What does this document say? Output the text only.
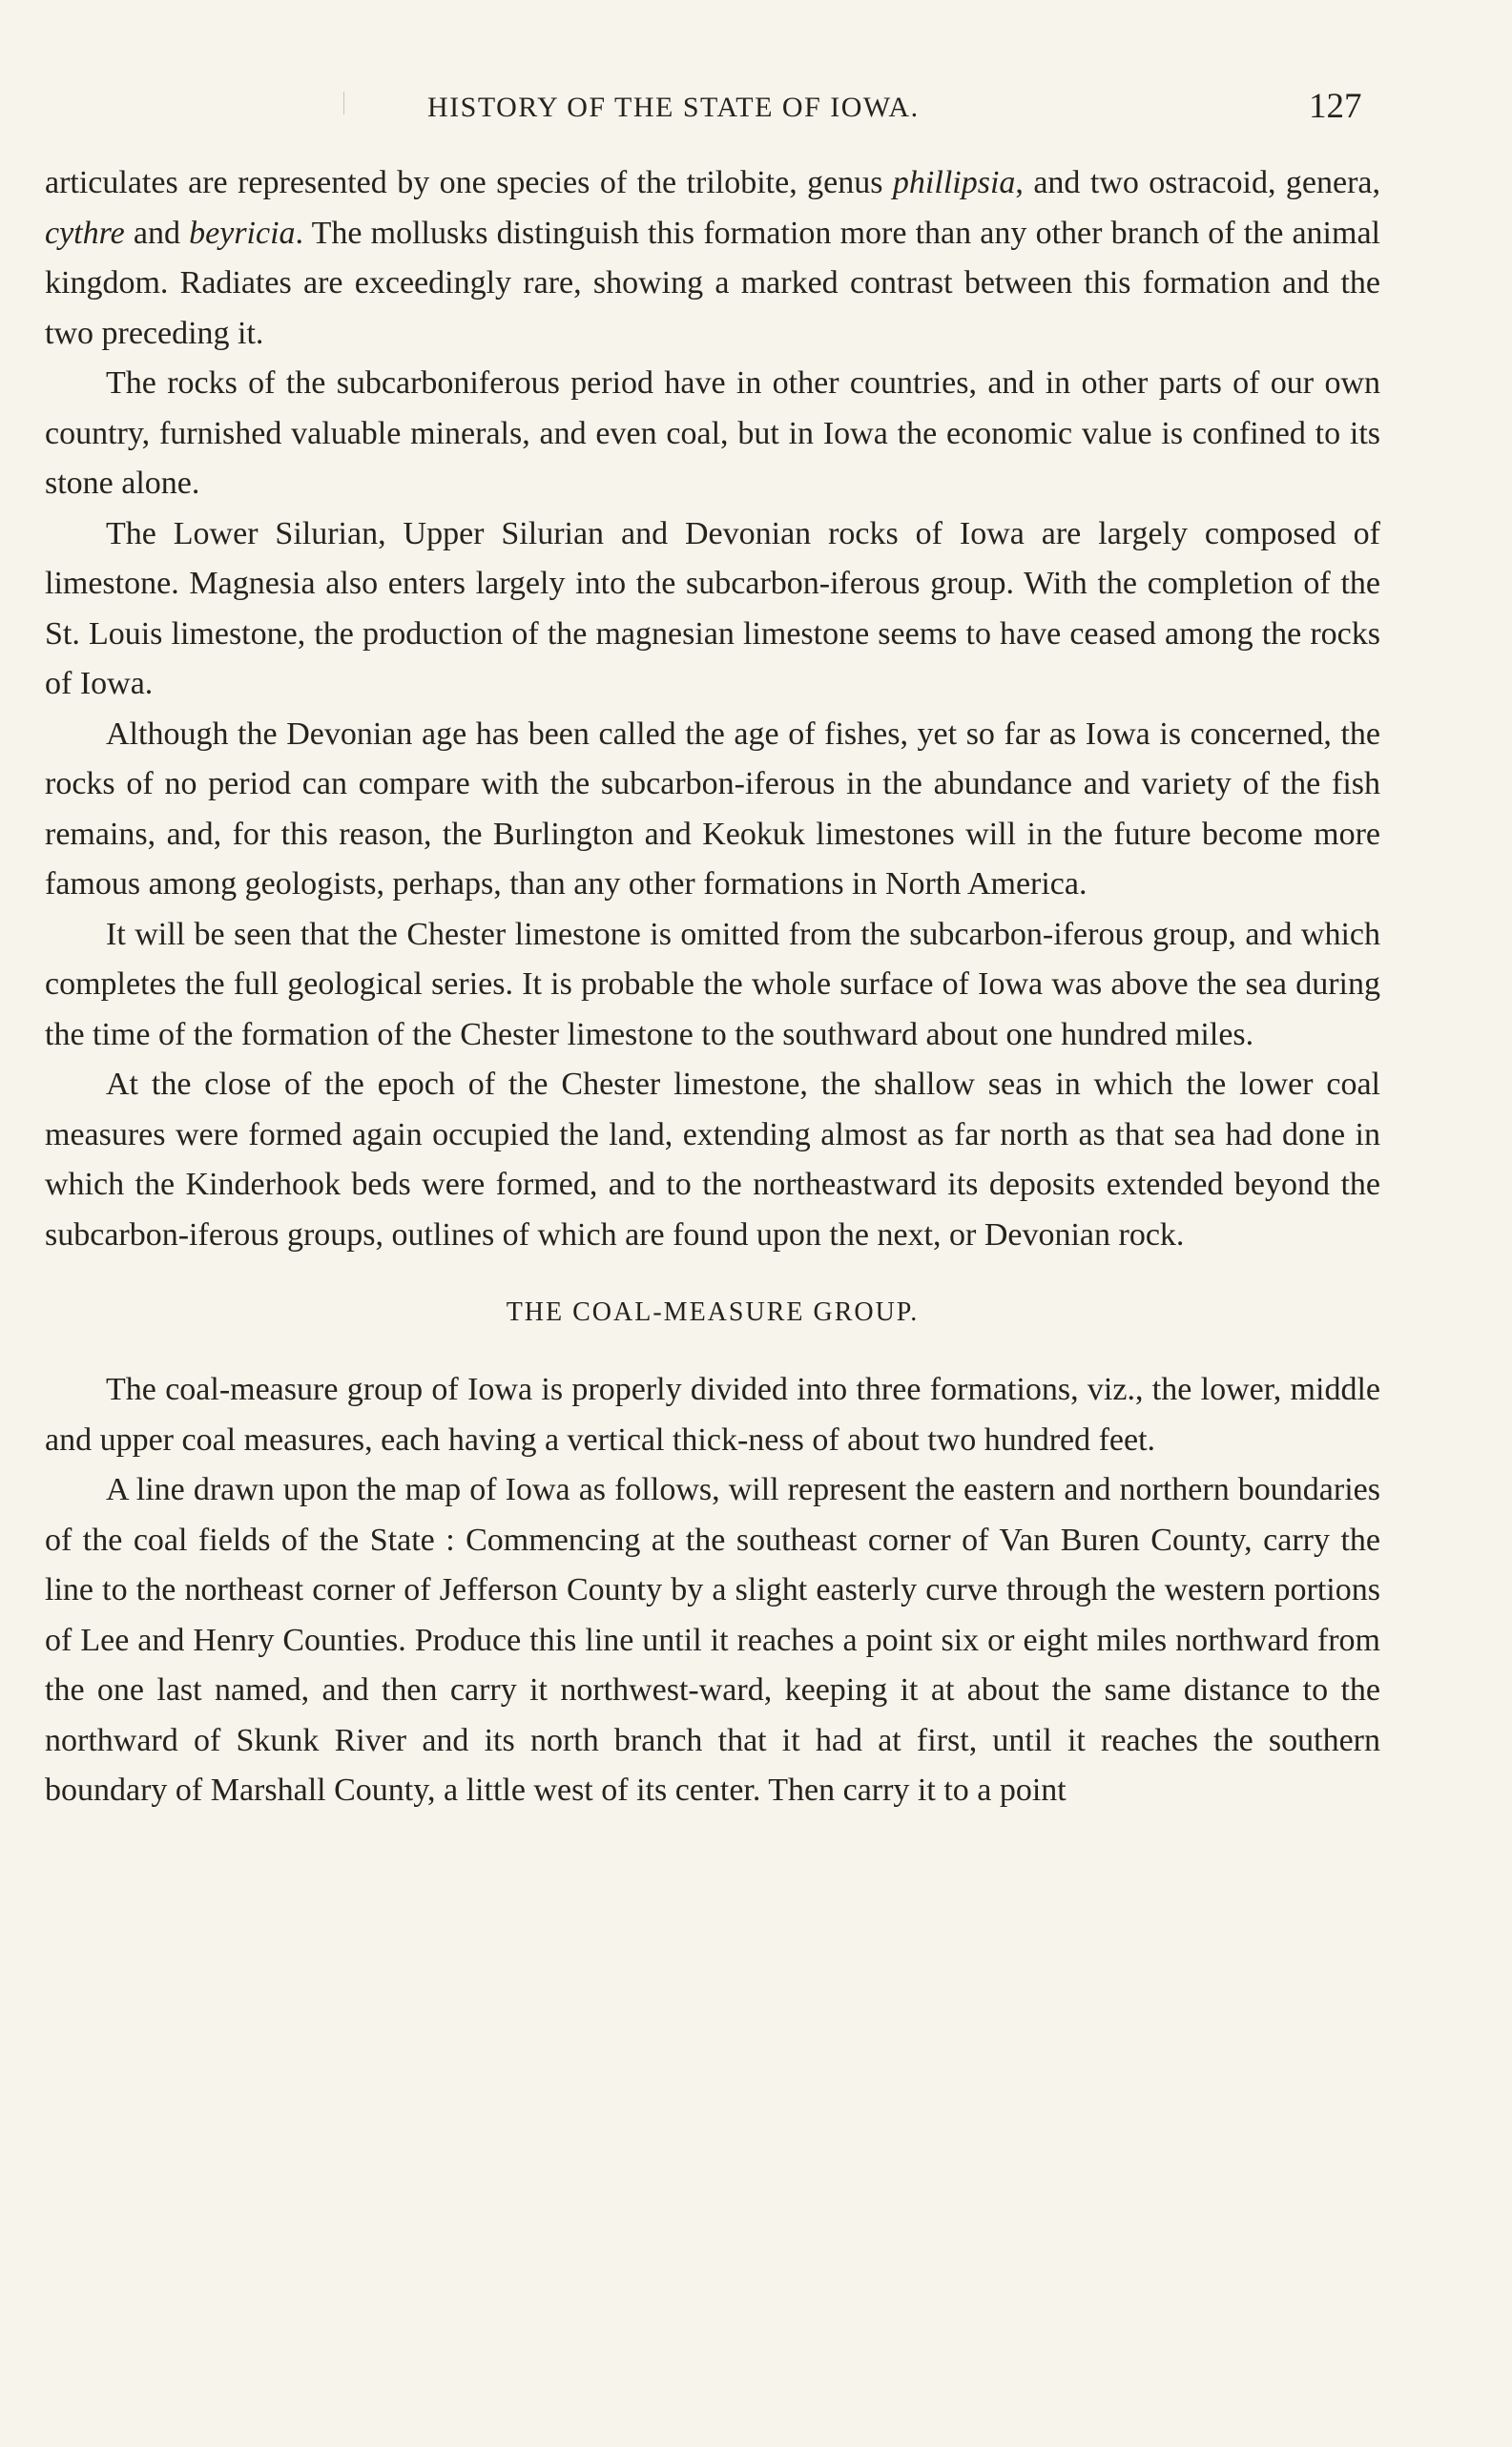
HISTORY OF THE STATE OF IOWA.	127

articulates are represented by one species of the trilobite, genus phillipsia, and two ostracoid, genera, cythre and beyricia. The mollusks distinguish this formation more than any other branch of the animal kingdom. Radiates are exceedingly rare, showing a marked contrast between this formation and the two preceding it.

The rocks of the subcarboniferous period have in other countries, and in other parts of our own country, furnished valuable minerals, and even coal, but in Iowa the economic value is confined to its stone alone.

The Lower Silurian, Upper Silurian and Devonian rocks of Iowa are largely composed of limestone. Magnesia also enters largely into the subcarbon-iferous group. With the completion of the St. Louis limestone, the production of the magnesian limestone seems to have ceased among the rocks of Iowa.

Although the Devonian age has been called the age of fishes, yet so far as Iowa is concerned, the rocks of no period can compare with the subcarbon-iferous in the abundance and variety of the fish remains, and, for this reason, the Burlington and Keokuk limestones will in the future become more famous among geologists, perhaps, than any other formations in North America.

It will be seen that the Chester limestone is omitted from the subcarbon-iferous group, and which completes the full geological series. It is probable the whole surface of Iowa was above the sea during the time of the formation of the Chester limestone to the southward about one hundred miles.

At the close of the epoch of the Chester limestone, the shallow seas in which the lower coal measures were formed again occupied the land, extending almost as far north as that sea had done in which the Kinderhook beds were formed, and to the northeastward its deposits extended beyond the subcarbon-iferous groups, outlines of which are found upon the next, or Devonian rock.

THE COAL-MEASURE GROUP.

The coal-measure group of Iowa is properly divided into three formations, viz., the lower, middle and upper coal measures, each having a vertical thick-ness of about two hundred feet.

A line drawn upon the map of Iowa as follows, will represent the eastern and northern boundaries of the coal fields of the State : Commencing at the southeast corner of Van Buren County, carry the line to the northeast corner of Jefferson County by a slight easterly curve through the western portions of Lee and Henry Counties. Produce this line until it reaches a point six or eight miles northward from the one last named, and then carry it northwest-ward, keeping it at about the same distance to the northward of Skunk River and its north branch that it had at first, until it reaches the southern boundary of Marshall County, a little west of its center. Then carry it to a point
